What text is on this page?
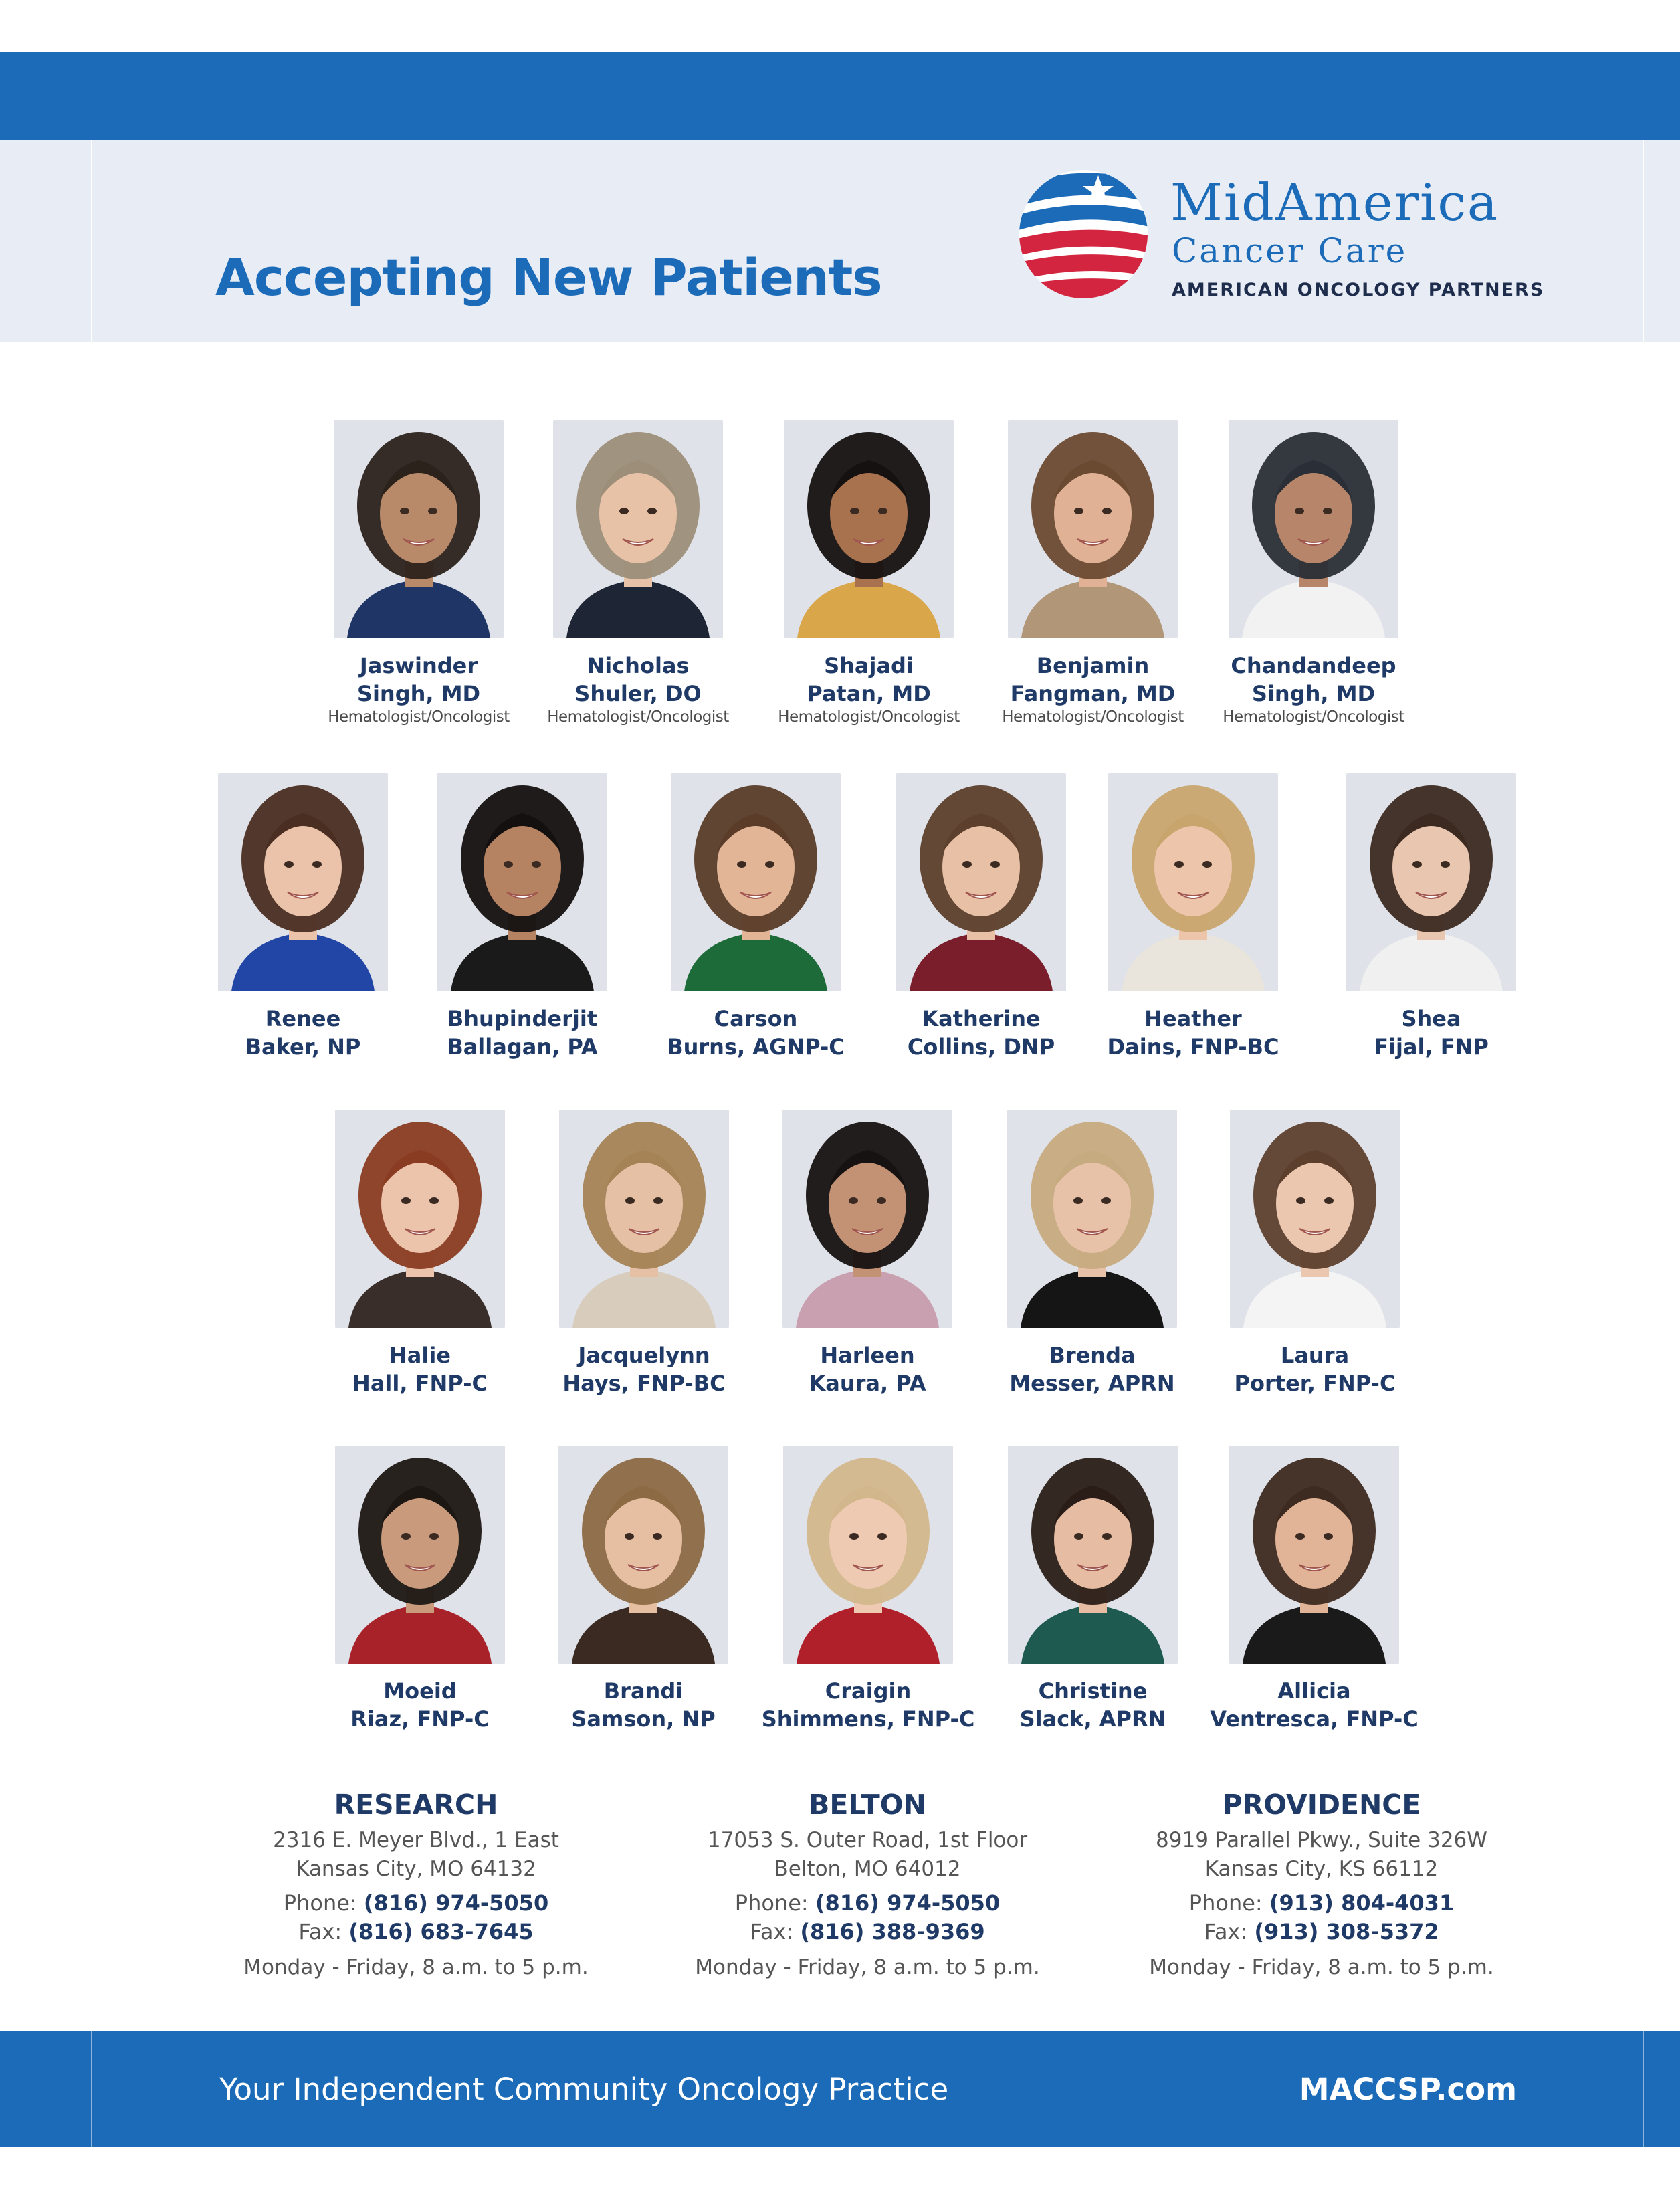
Accepting New Patients
MidAmerica
Cancer Care
AMERICAN ONCOLOGY PARTNERS
Jaswinder
Singh, MD
Hematologist/Oncologist
Nicholas
Shuler, DO
Hematologist/Oncologist
Shajadi
Patan, MD
Hematologist/Oncologist
Benjamin
Fangman, MD
Hematologist/Oncologist
Chandandeep
Singh, MD
Hematologist/Oncologist
Renee
Baker, NP
Bhupinderjit
Ballagan, PA
Carson
Burns, AGNP-C
Katherine
Collins, DNP
Heather
Dains, FNP-BC
Shea
Fijal, FNP
Halie
Hall, FNP-C
Jacquelynn
Hays, FNP-BC
Harleen
Kaura, PA
Brenda
Messer, APRN
Laura
Porter, FNP-C
Moeid
Riaz, FNP-C
Brandi
Samson, NP
Craigin
Shimmens, FNP-C
Christine
Slack, APRN
Allicia
Ventresca, FNP-C
RESEARCH
2316 E. Meyer Blvd., 1 East
Kansas City, MO 64132
Phone: (816) 974-5050
Fax: (816) 683-7645
Monday - Friday, 8 a.m. to 5 p.m.
BELTON
17053 S. Outer Road, 1st Floor
Belton, MO 64012
Phone: (816) 974-5050
Fax: (816) 388-9369
Monday - Friday, 8 a.m. to 5 p.m.
PROVIDENCE
8919 Parallel Pkwy., Suite 326W
Kansas City, KS 66112
Phone: (913) 804-4031
Fax: (913) 308-5372
Monday - Friday, 8 a.m. to 5 p.m.
Your Independent Community Oncology Practice	MACCSP.com
